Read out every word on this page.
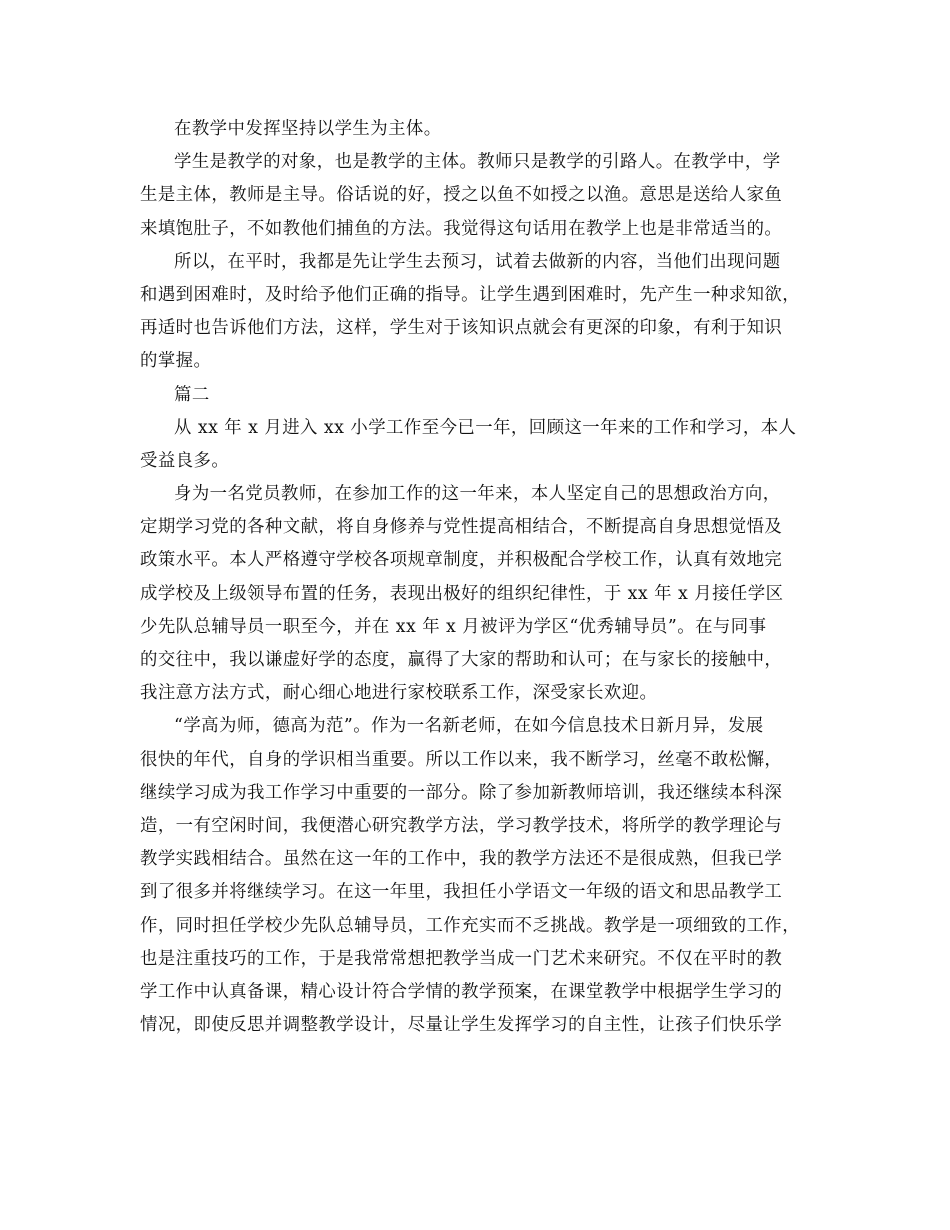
在教学中发挥坚持以学生为主体。
学生是教学的对象，也是教学的主体。教师只是教学的引路人。在教学中，学
生是主体，教师是主导。俗话说的好，授之以鱼不如授之以渔。意思是送给人家鱼
来填饱肚子，不如教他们捕鱼的方法。我觉得这句话用在教学上也是非常适当的。
所以，在平时，我都是先让学生去预习，试着去做新的内容，当他们出现问题
和遇到困难时，及时给予他们正确的指导。让学生遇到困难时，先产生一种求知欲，
再适时也告诉他们方法，这样，学生对于该知识点就会有更深的印象，有利于知识
的掌握。
篇二
从 xx 年 x 月进入 xx 小学工作至今已一年，回顾这一年来的工作和学习，本人
受益良多。
身为一名党员教师，在参加工作的这一年来，本人坚定自己的思想政治方向，
定期学习党的各种文献，将自身修养与党性提高相结合，不断提高自身思想觉悟及
政策水平。本人严格遵守学校各项规章制度，并积极配合学校工作，认真有效地完
成学校及上级领导布置的任务，表现出极好的组织纪律性，于 xx 年 x 月接任学区
少先队总辅导员一职至今，并在 xx 年 x 月被评为学区“优秀辅导员”。在与同事
的交往中，我以谦虚好学的态度，赢得了大家的帮助和认可；在与家长的接触中，
我注意方法方式，耐心细心地进行家校联系工作，深受家长欢迎。
“学高为师，德高为范”。作为一名新老师，在如今信息技术日新月异，发展
很快的年代，自身的学识相当重要。所以工作以来，我不断学习，丝毫不敢松懈，
继续学习成为我工作学习中重要的一部分。除了参加新教师培训，我还继续本科深
造，一有空闲时间，我便潜心研究教学方法，学习教学技术，将所学的教学理论与
教学实践相结合。虽然在这一年的工作中，我的教学方法还不是很成熟，但我已学
到了很多并将继续学习。在这一年里，我担任小学语文一年级的语文和思品教学工
作，同时担任学校少先队总辅导员，工作充实而不乏挑战。教学是一项细致的工作，
也是注重技巧的工作，于是我常常想把教学当成一门艺术来研究。不仅在平时的教
学工作中认真备课，精心设计符合学情的教学预案，在课堂教学中根据学生学习的
情况，即使反思并调整教学设计，尽量让学生发挥学习的自主性，让孩子们快乐学
